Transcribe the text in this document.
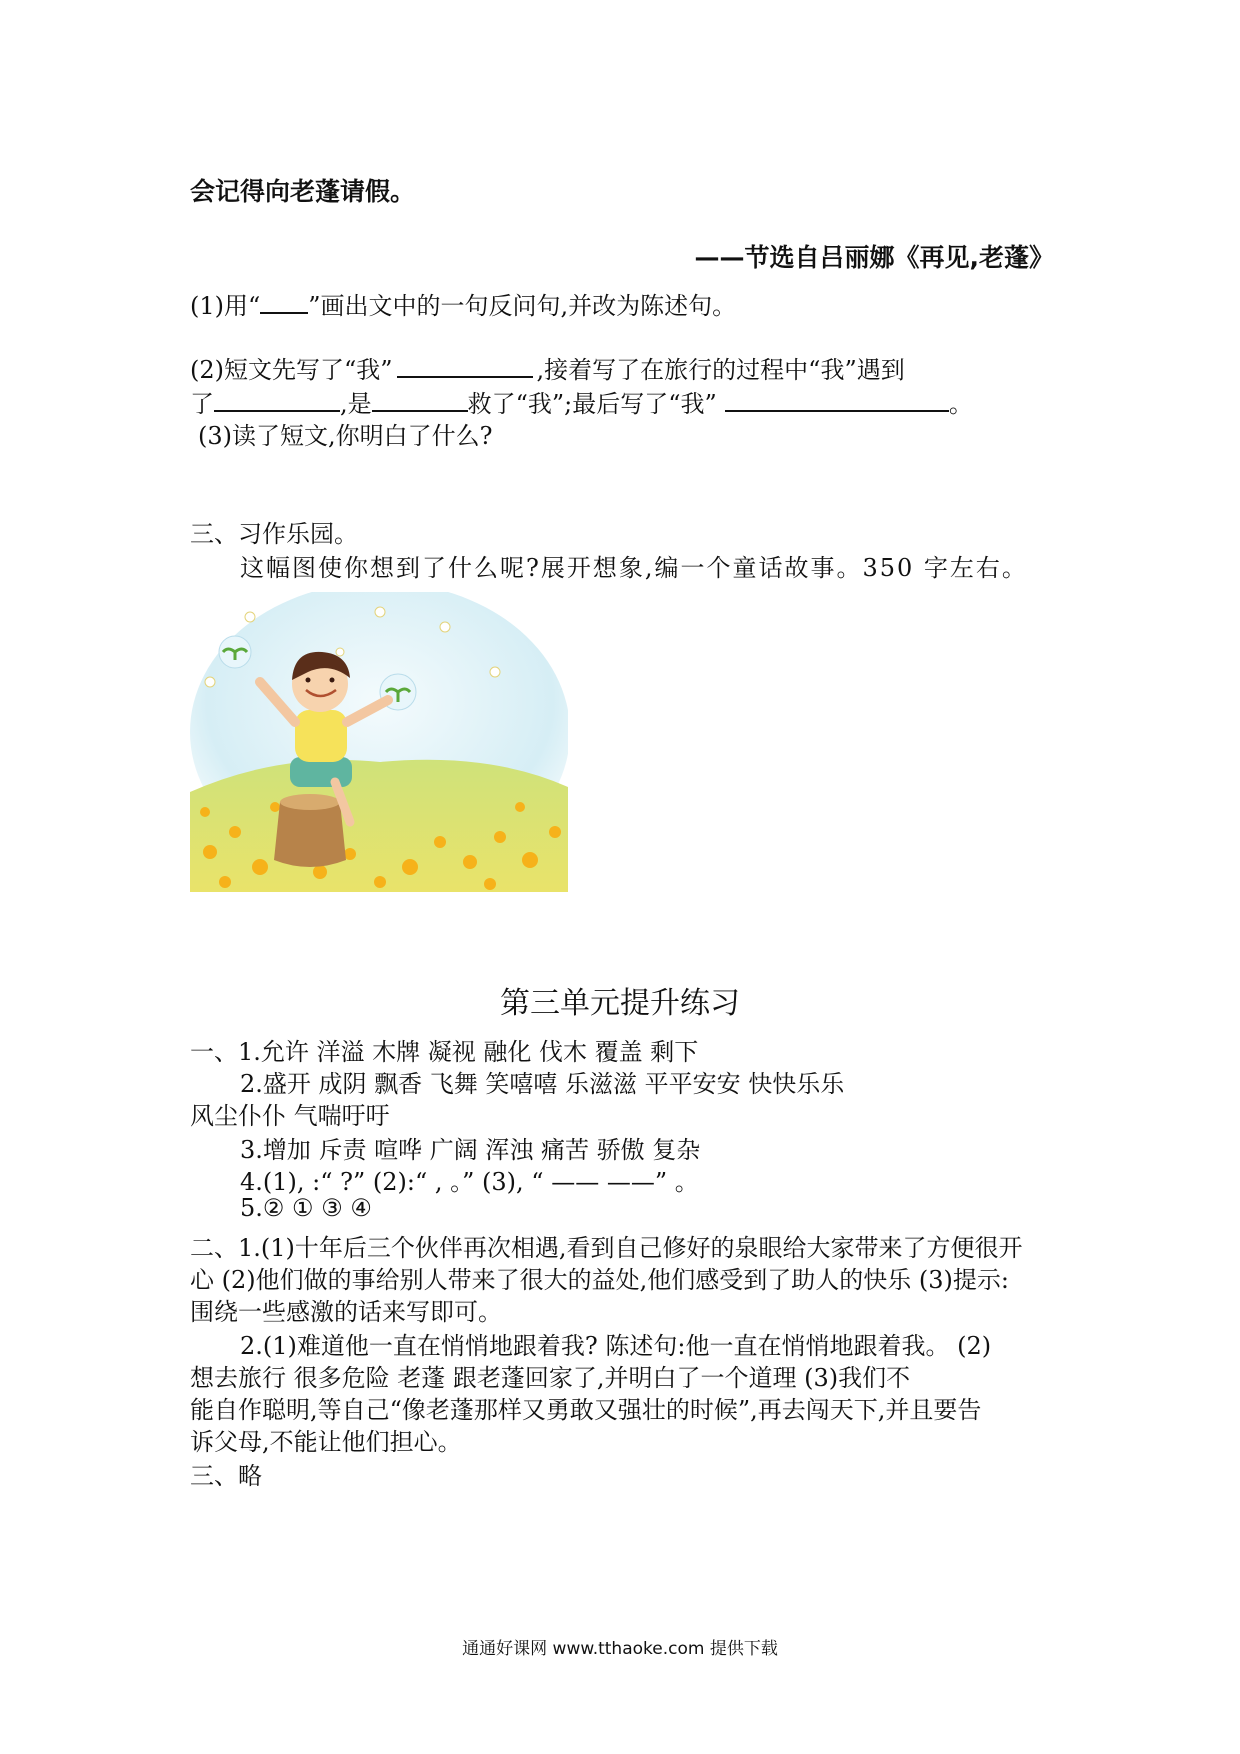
会记得向老蓬请假。
——节选自吕丽娜《再见,老蓬》
(1)用“ ”画出文中的一句反问句,并改为陈述句。
(2)短文先写了“我”	,接着写了在旅行的过程中“我”遇到
了	,是	救了“我”;最后写了“我”	。
(3)读了短文,你明白了什么?
三、习作乐园。
这幅图使你想到了什么呢?展开想象,编一个童话故事。350 字左右。
第三单元提升练习
一、1.允许 洋溢 木牌 凝视 融化 伐木 覆盖 剩下
2.盛开 成阴 飘香 飞舞 笑嘻嘻 乐滋滋 平平安安 快快乐乐
风尘仆仆 气喘吁吁
3.增加 斥责 喧哗 广阔 浑浊 痛苦 骄傲 复杂
4.(1), :“ ?” (2):“ , 。” (3), “ —— ——” 。
5.② ① ③ ④
二、1.(1)十年后三个伙伴再次相遇,看到自己修好的泉眼给大家带来了方便很开
心 (2)他们做的事给别人带来了很大的益处,他们感受到了助人的快乐 (3)提示:
围绕一些感激的话来写即可。
2.(1)难道他一直在悄悄地跟着我? 陈述句:他一直在悄悄地跟着我。 (2)
想去旅行 很多危险 老蓬 跟老蓬回家了,并明白了一个道理 (3)我们不
能自作聪明,等自己“像老蓬那样又勇敢又强壮的时候”,再去闯天下,并且要告
诉父母,不能让他们担心。
三、略
通通好课网 www.tthaoke.com 提供下载
